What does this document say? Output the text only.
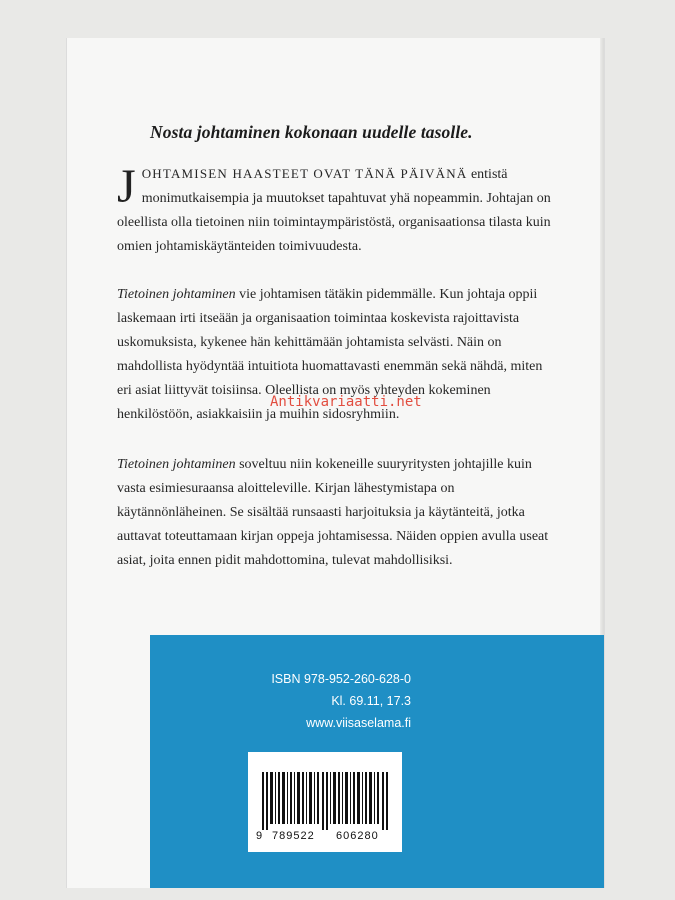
Nosta johtaminen kokonaan uudelle tasolle.
JOHTAMISEN HAASTEET OVAT TÄNÄ PÄIVÄNÄ entistä monimutkaisempia ja muutokset tapahtuvat yhä nopeammin. Johtajan on oleellista olla tietoinen niin toimintaympäristöstä, organisaationsa tilasta kuin omien johtamiskäytänteiden toimivuudesta.
Tietoinen johtaminen vie johtamisen tätäkin pidemmälle. Kun johtaja oppii laskemaan irti itseään ja organisaation toimintaa koskevista rajoittavista uskomuksista, kykenee hän kehittämään johtamista selvästi. Näin on mahdollista hyödyntää intuitiota huomattavasti enemmän sekä nähdä, miten eri asiat liittyvät toisiinsa. Oleellista on myös yhteyden kokeminen henkilöstöön, asiakkaisiin ja muihin sidosryhmiin.
Antikvariaatti.net
Tietoinen johtaminen soveltuu niin kokeneille suuryritysten johtajille kuin vasta esimiesuraansa aloitteleville. Kirjan lähestymistapa on käytännönläheinen. Se sisältää runsaasti harjoituksia ja käytänteitä, jotka auttavat toteuttamaan kirjan oppeja johtamisessa. Näiden oppien avulla useat asiat, joita ennen pidit mahdottomina, tulevat mahdollisiksi.
ISBN 978-952-260-628-0
Kl. 69.11, 17.3
www.viisaselama.fi
9 789522 606280
